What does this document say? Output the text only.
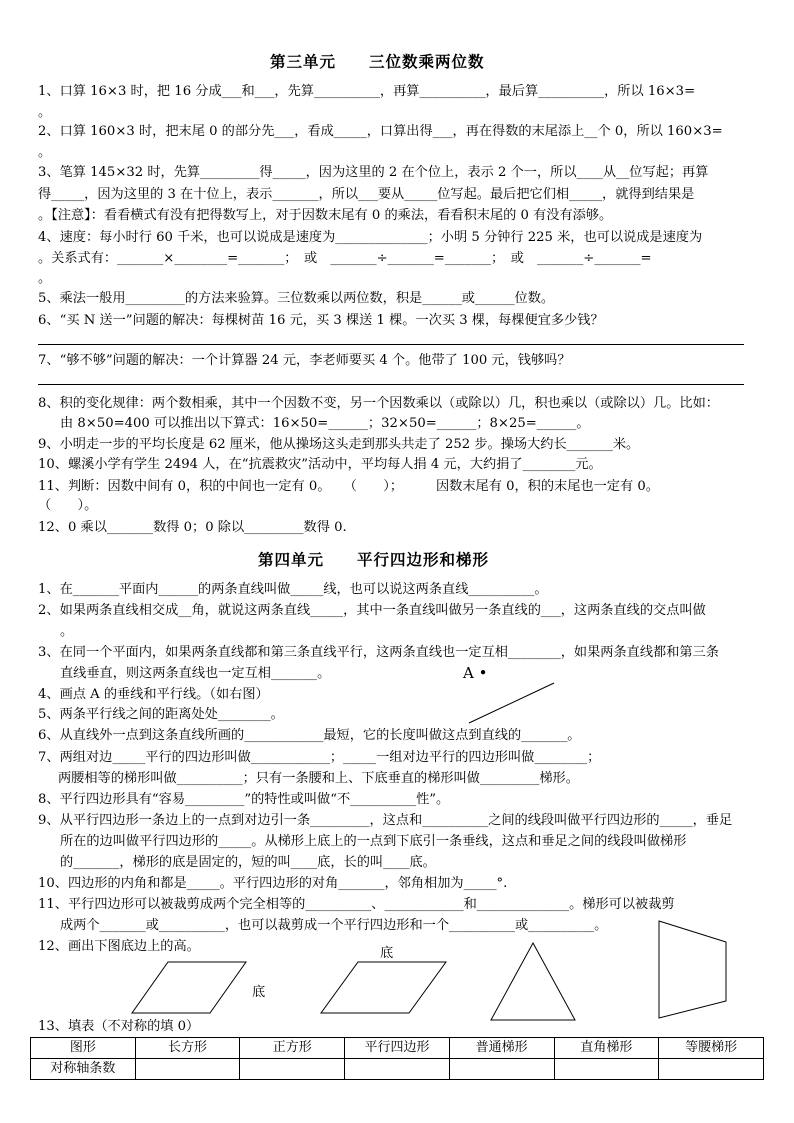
第三单元　　三位数乘两位数
1、口算 16×3 时，把 16 分成___和___，先算__________，再算__________，最后算__________，所以 16×3=
。
2、口算 160×3 时，把末尾 0 的部分先___，看成_____，口算出得___，再在得数的末尾添上__个 0，所以 160×3=
。
3、笔算 145×32 时，先算_________得_____，因为这里的 2 在个位上，表示 2 个一，所以____从__位写起；再算
得_____，因为这里的 3 在十位上，表示_______，所以___要从_____位写起。最后把它们相_____，就得到结果是
。【注意】：看看横式有没有把得数写上，对于因数末尾有 0 的乘法，看看积末尾的 0 有没有添够。
4、速度：每小时行 60 千米，也可以说成是速度为______________；小明 5 分钟行 225 米，也可以说成是速度为
。关系式有：_______×________=_______；　或　_______÷_______=_______；　或　_______÷_______=
。
5、乘法一般用_________的方法来验算。三位数乘以两位数，积是______或______位数。
6、“买 N 送一”问题的解决：每棵树苗 16 元，买 3 棵送 1 棵。一次买 3 棵，每棵便宜多少钱？
7、“够不够”问题的解决：一个计算器 24 元，李老师要买 4 个。他带了 100 元，钱够吗？
8、积的变化规律：两个数相乘，其中一个因数不变，另一个因数乘以（或除以）几，积也乘以（或除以）几。比如：
由 8×50=400 可以推出以下算式：16×50=______；32×50=______；8×25=______。
9、小明走一步的平均长度是 62 厘米，他从操场这头走到那头共走了 252 步。操场大约长_______米。
10、螺溪小学有学生 2494 人，在“抗震救灾”活动中，平均每人捐 4 元，大约捐了________元。
11、判断：因数中间有 0，积的中间也一定有 0。　　（　　）；　　　因数末尾有 0，积的末尾也一定有 0。
（　　）。
12、0 乘以_______数得 0；0 除以_________数得 0.
第四单元　　平行四边形和梯形
1、在_______平面内______的两条直线叫做_____线，也可以说这两条直线__________。
2、如果两条直线相交成__角，就说这两条直线_____，其中一条直线叫做另一条直线的___，这两条直线的交点叫做
。
3、在同一个平面内，如果两条直线都和第三条直线平行，这两条直线也一定互相________，如果两条直线都和第三条
直线垂直，则这两条直线也一定互相_______。
4、画点 A 的垂线和平行线。（如右图）
5、两条平行线之间的距离处处________。
6、从直线外一点到这条直线所画的____________最短，它的长度叫做这点到直线的_______。
7、两组对边_____平行的四边形叫做____________；_____一组对边平行的四边形叫做________；
两腰相等的梯形叫做__________；只有一条腰和上、下底垂直的梯形叫做_________梯形。
8、平行四边形具有“容易_________”的特性或叫做“不__________性”。
9、从平行四边形一条边上的一点到对边引一条_________，这点和__________之间的线段叫做平行四边形的_____，垂足
所在的边叫做平行四边形的_____。从梯形上底上的一点到下底引一条垂线，这点和垂足之间的线段叫做梯形
的_______，梯形的底是固定的，短的叫____底，长的叫____底。
10、四边形的内角和都是_____。平行四边形的对角_______，邻角相加为_____°.
11、平行四边形可以被裁剪成两个完全相等的__________、____________和______________。梯形可以被裁剪
成两个_______或__________，也可以裁剪成一个平行四边形和一个__________或__________。
12、画出下图底边上的高。
13、填表（不对称的填 0）
A •
底
底
图形	长方形	正方形	平行四边形	普通梯形	直角梯形	等腰梯形
对称轴条数						
